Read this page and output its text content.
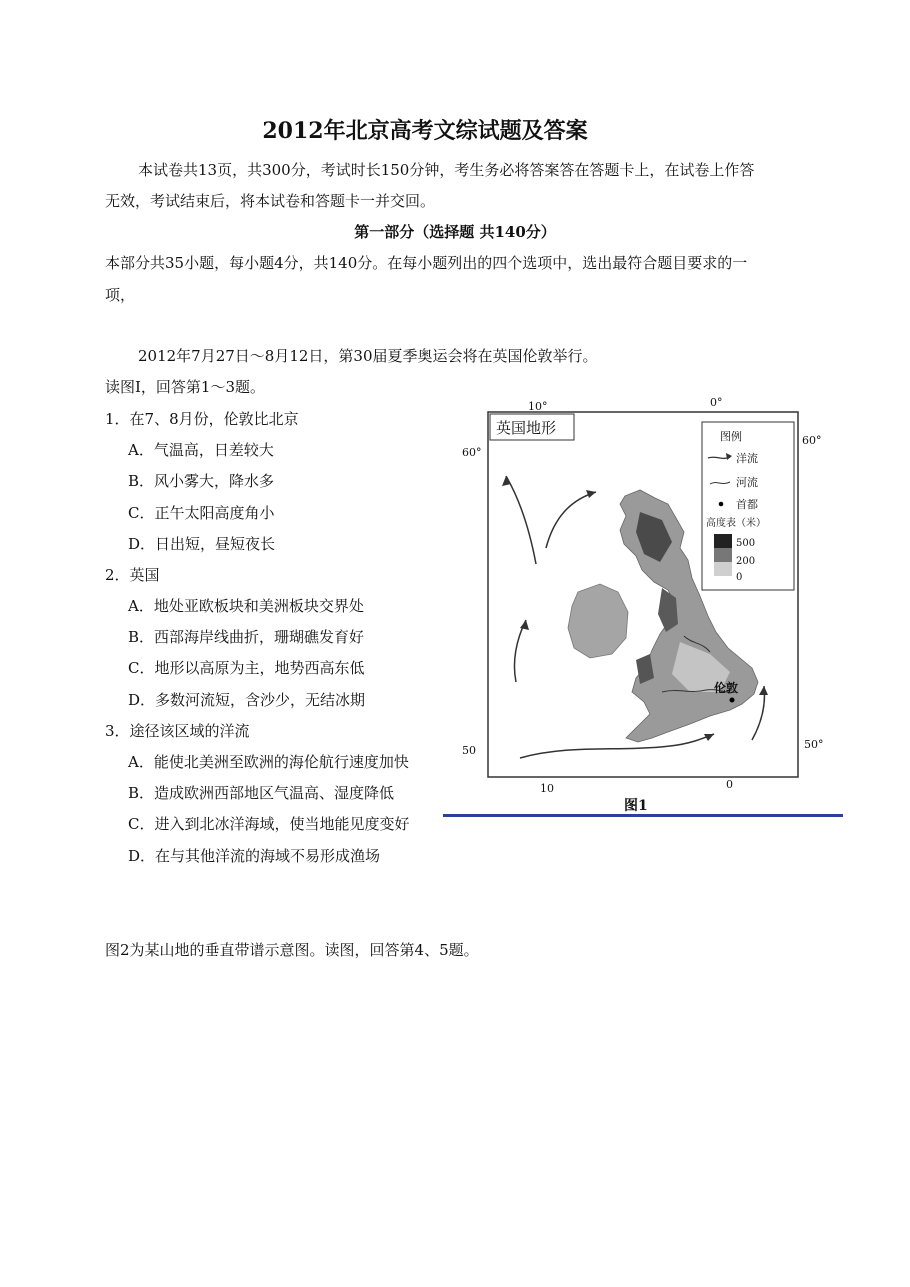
2012年北京高考文综试题及答案
本试卷共13页，共300分，考试时长150分钟，考生务必将答案答在答题卡上，在试卷上作答
无效，考试结束后，将本试卷和答题卡一并交回。
第一部分（选择题 共140分）
本部分共35小题，每小题4分，共140分。在每小题列出的四个选项中，选出最符合题目要求的一
项，
2012年7月27日～8月12日，第30届夏季奥运会将在英国伦敦举行。
读图Ⅰ，回答第1～3题。
1．在7、8月份，伦敦比北京
A．气温高，日差较大
B．风小雾大，降水多
C．正午太阳高度角小
D．日出短，昼短夜长
2．英国
A．地处亚欧板块和美洲板块交界处
B．西部海岸线曲折，珊瑚礁发育好
C．地形以高原为主，地势西高东低
D．多数河流短，含沙少，无结冰期
3．途径该区域的洋流
A．能使北美洲至欧洲的海伦航行速度加快
B．造成欧洲西部地区气温高、湿度降低
C．进入到北冰洋海域，使当地能见度变好
D．在与其他洋流的海域不易形成渔场
图2为某山地的垂直带谱示意图。读图，回答第4、5题。
伦敦
英国地形	图例
洋流
河流
首都
高度表（米）
500
200
0
10°	0°
60°
50
60°
50°
10	0
图1
